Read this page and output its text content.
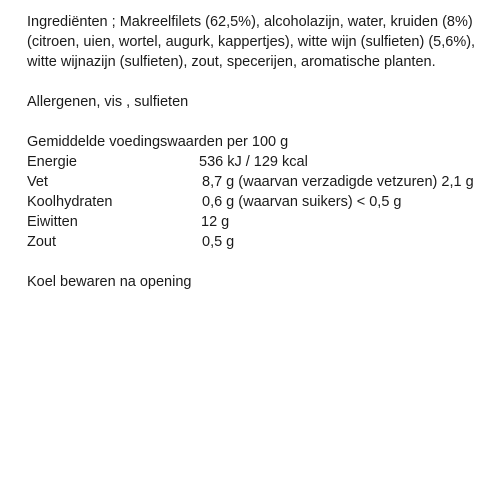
Ingrediënten ; Makreelfilets (62,5%), alcoholazijn, water, kruiden (8%) (citroen, uien, wortel, augurk, kappertjes), witte wijn (sulfieten) (5,6%), witte wijnazijn (sulfieten), zout, specerijen, aromatische planten.

Allergenen, vis , sulfieten

Gemiddelde voedingswaarden per 100 g
Energie	536 kJ / 129 kcal
Vet	8,7 g (waarvan verzadigde vetzuren) 2,1 g
Koolhydraten	0,6 g (waarvan suikers) < 0,5 g
Eiwitten	12 g
Zout	0,5 g

Koel bewaren na opening
